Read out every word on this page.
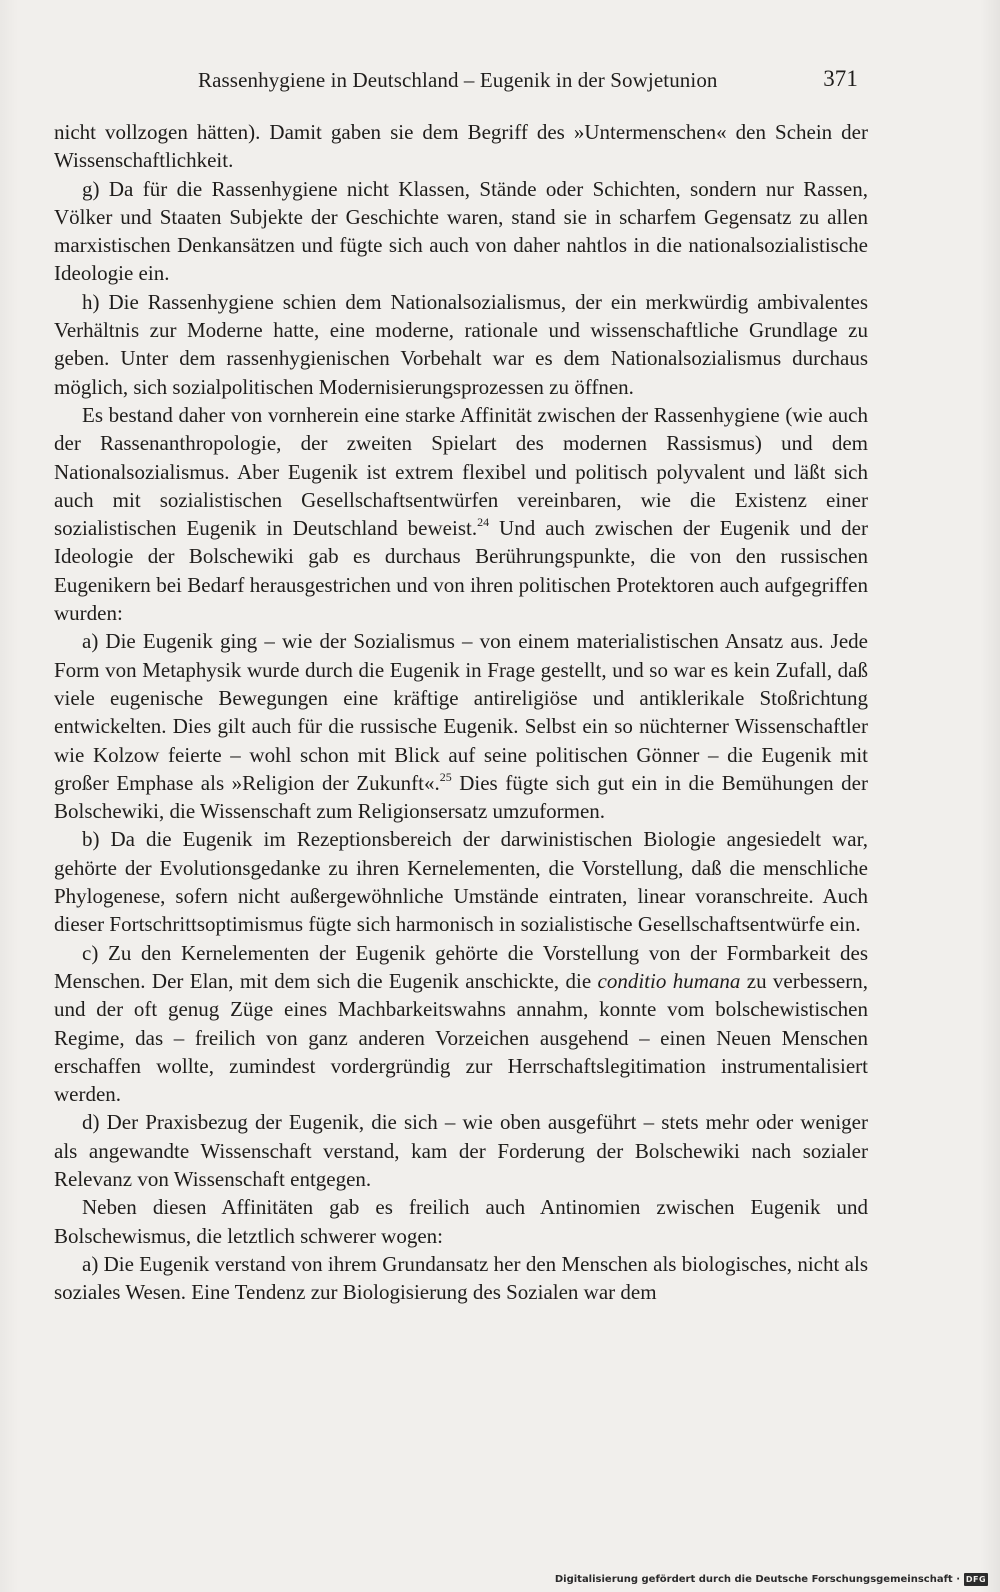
Rassenhygiene in Deutschland – Eugenik in der Sowjetunion	371

nicht vollzogen hätten). Damit gaben sie dem Begriff des »Untermenschen« den Schein der Wissenschaftlichkeit.

g) Da für die Rassenhygiene nicht Klassen, Stände oder Schichten, sondern nur Rassen, Völker und Staaten Subjekte der Geschichte waren, stand sie in scharfem Gegensatz zu allen marxistischen Denkansätzen und fügte sich auch von daher nahtlos in die nationalsozialistische Ideologie ein.

h) Die Rassenhygiene schien dem Nationalsozialismus, der ein merkwürdig ambivalentes Verhältnis zur Moderne hatte, eine moderne, rationale und wissenschaftliche Grundlage zu geben. Unter dem rassenhygienischen Vorbehalt war es dem Nationalsozialismus durchaus möglich, sich sozialpolitischen Modernisierungsprozessen zu öffnen.

Es bestand daher von vornherein eine starke Affinität zwischen der Rassenhygiene (wie auch der Rassenanthropologie, der zweiten Spielart des modernen Rassismus) und dem Nationalsozialismus. Aber Eugenik ist extrem flexibel und politisch polyvalent und läßt sich auch mit sozialistischen Gesellschaftsentwürfen vereinbaren, wie die Existenz einer sozialistischen Eugenik in Deutschland beweist.$^{24}$ Und auch zwischen der Eugenik und der Ideologie der Bolschewiki gab es durchaus Berührungspunkte, die von den russischen Eugenikern bei Bedarf herausgestrichen und von ihren politischen Protektoren auch aufgegriffen wurden:

a) Die Eugenik ging – wie der Sozialismus – von einem materialistischen Ansatz aus. Jede Form von Metaphysik wurde durch die Eugenik in Frage gestellt, und so war es kein Zufall, daß viele eugenische Bewegungen eine kräftige antireligiöse und antiklerikale Stoßrichtung entwickelten. Dies gilt auch für die russische Eugenik. Selbst ein so nüchterner Wissenschaftler wie Kolzow feierte – wohl schon mit Blick auf seine politischen Gönner – die Eugenik mit großer Emphase als »Religion der Zukunft«.$^{25}$ Dies fügte sich gut ein in die Bemühungen der Bolschewiki, die Wissenschaft zum Religionsersatz umzuformen.

b) Da die Eugenik im Rezeptionsbereich der darwinistischen Biologie angesiedelt war, gehörte der Evolutionsgedanke zu ihren Kernelementen, die Vorstellung, daß die menschliche Phylogenese, sofern nicht außergewöhnliche Umstände eintraten, linear voranschreite. Auch dieser Fortschrittsoptimismus fügte sich harmonisch in sozialistische Gesellschaftsentwürfe ein.

c) Zu den Kernelementen der Eugenik gehörte die Vorstellung von der Formbarkeit des Menschen. Der Elan, mit dem sich die Eugenik anschickte, die conditio humana zu verbessern, und der oft genug Züge eines Machbarkeitswahns annahm, konnte vom bolschewistischen Regime, das – freilich von ganz anderen Vorzeichen ausgehend – einen Neuen Menschen erschaffen wollte, zumindest vordergründig zur Herrschaftslegitimation instrumentalisiert werden.

d) Der Praxisbezug der Eugenik, die sich – wie oben ausgeführt – stets mehr oder weniger als angewandte Wissenschaft verstand, kam der Forderung der Bolschewiki nach sozialer Relevanz von Wissenschaft entgegen.

Neben diesen Affinitäten gab es freilich auch Antinomien zwischen Eugenik und Bolschewismus, die letztlich schwerer wogen:

a) Die Eugenik verstand von ihrem Grundansatz her den Menschen als biologisches, nicht als soziales Wesen. Eine Tendenz zur Biologisierung des Sozialen war dem

Digitalisierung gefördert durch die Deutsche Forschungsgemeinschaft · DFG
